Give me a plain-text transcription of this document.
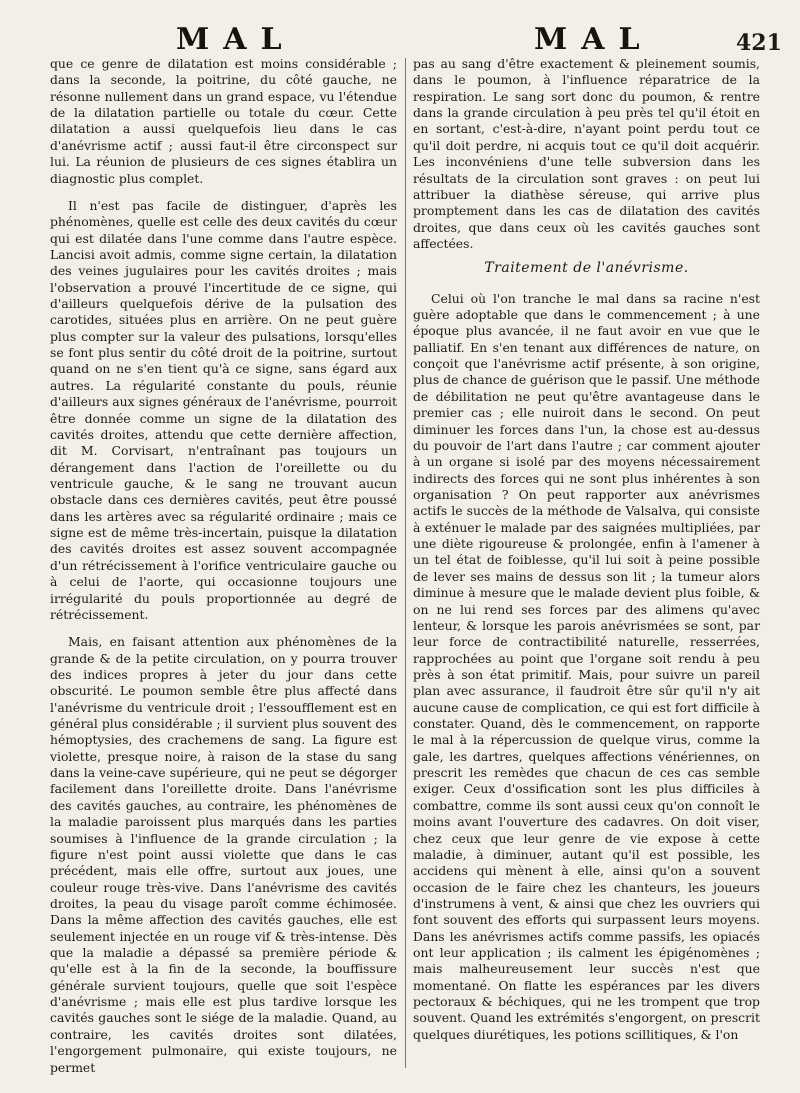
MAL	MAL	421

que ce genre de dilatation est moins considérable ; dans la seconde, la poitrine, du côté gauche, ne résonne nullement dans un grand espace, vu l'étendue de la dilatation partielle ou totale du cœur. Cette dilatation a aussi quelquefois lieu dans le cas d'anévrisme actif ; aussi faut-il être circonspect sur lui. La réunion de plusieurs de ces signes établira un diagnostic plus complet.

Il n'est pas facile de distinguer, d'après les phénomènes, quelle est celle des deux cavités du cœur qui est dilatée dans l'une comme dans l'autre espèce. Lancisi avoit admis, comme signe certain, la dilatation des veines jugulaires pour les cavités droites ; mais l'observation a prouvé l'incertitude de ce signe, qui d'ailleurs quelquefois dérive de la pulsation des carotides, situées plus en arrière. On ne peut guère plus compter sur la valeur des pulsations, lorsqu'elles se font plus sentir du côté droit de la poitrine, surtout quand on ne s'en tient qu'à ce signe, sans égard aux autres. La régularité constante du pouls, réunie d'ailleurs aux signes généraux de l'anévrisme, pourroit être donnée comme un signe de la dilatation des cavités droites, attendu que cette dernière affection, dit M. Corvisart, n'entraînant pas toujours un dérangement dans l'action de l'oreillette ou du ventricule gauche, & le sang ne trouvant aucun obstacle dans ces dernières cavités, peut être poussé dans les artères avec sa régularité ordinaire ; mais ce signe est de même très-incertain, puisque la dilatation des cavités droites est assez souvent accompagnée d'un rétrécissement à l'orifice ventriculaire gauche ou à celui de l'aorte, qui occasionne toujours une irrégularité du pouls proportionnée au degré de rétrécissement.

Mais, en faisant attention aux phénomènes de la grande & de la petite circulation, on y pourra trouver des indices propres à jeter du jour dans cette obscurité. Le poumon semble être plus affecté dans l'anévrisme du ventricule droit ; l'essoufflement est en général plus considérable ; il survient plus souvent des hémoptysies, des crachemens de sang. La figure est violette, presque noire, à raison de la stase du sang dans la veine-cave supérieure, qui ne peut se dégorger facilement dans l'oreillette droite. Dans l'anévrisme des cavités gauches, au contraire, les phénomènes de la maladie paroissent plus marqués dans les parties soumises à l'influence de la grande circulation ; la figure n'est point aussi violette que dans le cas précédent, mais elle offre, surtout aux joues, une couleur rouge très-vive. Dans l'anévrisme des cavités droites, la peau du visage paroît comme échimosée. Dans la même affection des cavités gauches, elle est seulement injectée en un rouge vif & très-intense. Dès que la maladie a dépassé sa première période & qu'elle est à la fin de la seconde, la bouffissure générale survient toujours, quelle que soit l'espèce d'anévrisme ; mais elle est plus tardive lorsque les cavités gauches sont le siége de la maladie. Quand, au contraire, les cavités droites sont dilatées, l'engorgement pulmonaire, qui existe toujours, ne permet

pas au sang d'être exactement & pleinement soumis, dans le poumon, à l'influence réparatrice de la respiration. Le sang sort donc du poumon, & rentre dans la grande circulation à peu près tel qu'il étoit en en sortant, c'est-à-dire, n'ayant point perdu tout ce qu'il doit perdre, ni acquis tout ce qu'il doit acquérir. Les inconvéniens d'une telle subversion dans les résultats de la circulation sont graves : on peut lui attribuer la diathèse séreuse, qui arrive plus promptement dans les cas de dilatation des cavités droites, que dans ceux où les cavités gauches sont affectées.

Traitement de l'anévrisme.

Celui où l'on tranche le mal dans sa racine n'est guère adoptable que dans le commencement ; à une époque plus avancée, il ne faut avoir en vue que le palliatif. En s'en tenant aux différences de nature, on conçoit que l'anévrisme actif présente, à son origine, plus de chance de guérison que le passif. Une méthode de débilitation ne peut qu'être avantageuse dans le premier cas ; elle nuiroit dans le second. On peut diminuer les forces dans l'un, la chose est au-dessus du pouvoir de l'art dans l'autre ; car comment ajouter à un organe si isolé par des moyens nécessairement indirects des forces qui ne sont plus inhérentes à son organisation ? On peut rapporter aux anévrismes actifs le succès de la méthode de Valsalva, qui consiste à exténuer le malade par des saignées multipliées, par une diète rigoureuse & prolongée, enfin à l'amener à un tel état de foiblesse, qu'il lui soit à peine possible de lever ses mains de dessus son lit ; la tumeur alors diminue à mesure que le malade devient plus foible, & on ne lui rend ses forces par des alimens qu'avec lenteur, & lorsque les parois anévrismées se sont, par leur force de contractibilité naturelle, resserrées, rapprochées au point que l'organe soit rendu à peu près à son état primitif. Mais, pour suivre un pareil plan avec assurance, il faudroit être sûr qu'il n'y ait aucune cause de complication, ce qui est fort difficile à constater. Quand, dès le commencement, on rapporte le mal à la répercussion de quelque virus, comme la gale, les dartres, quelques affections vénériennes, on prescrit les remèdes que chacun de ces cas semble exiger. Ceux d'ossification sont les plus difficiles à combattre, comme ils sont aussi ceux qu'on connoît le moins avant l'ouverture des cadavres. On doit viser, chez ceux que leur genre de vie expose à cette maladie, à diminuer, autant qu'il est possible, les accidens qui mènent à elle, ainsi qu'on a souvent occasion de le faire chez les chanteurs, les joueurs d'instrumens à vent, & ainsi que chez les ouvriers qui font souvent des efforts qui surpassent leurs moyens. Dans les anévrismes actifs comme passifs, les opiacés ont leur application ; ils calment les épigénomènes ; mais malheureusement leur succès n'est que momentané. On flatte les espérances par les divers pectoraux & béchiques, qui ne les trompent que trop souvent. Quand les extrémités s'engorgent, on prescrit quelques diurétiques, les potions scillitiques, & l'on
